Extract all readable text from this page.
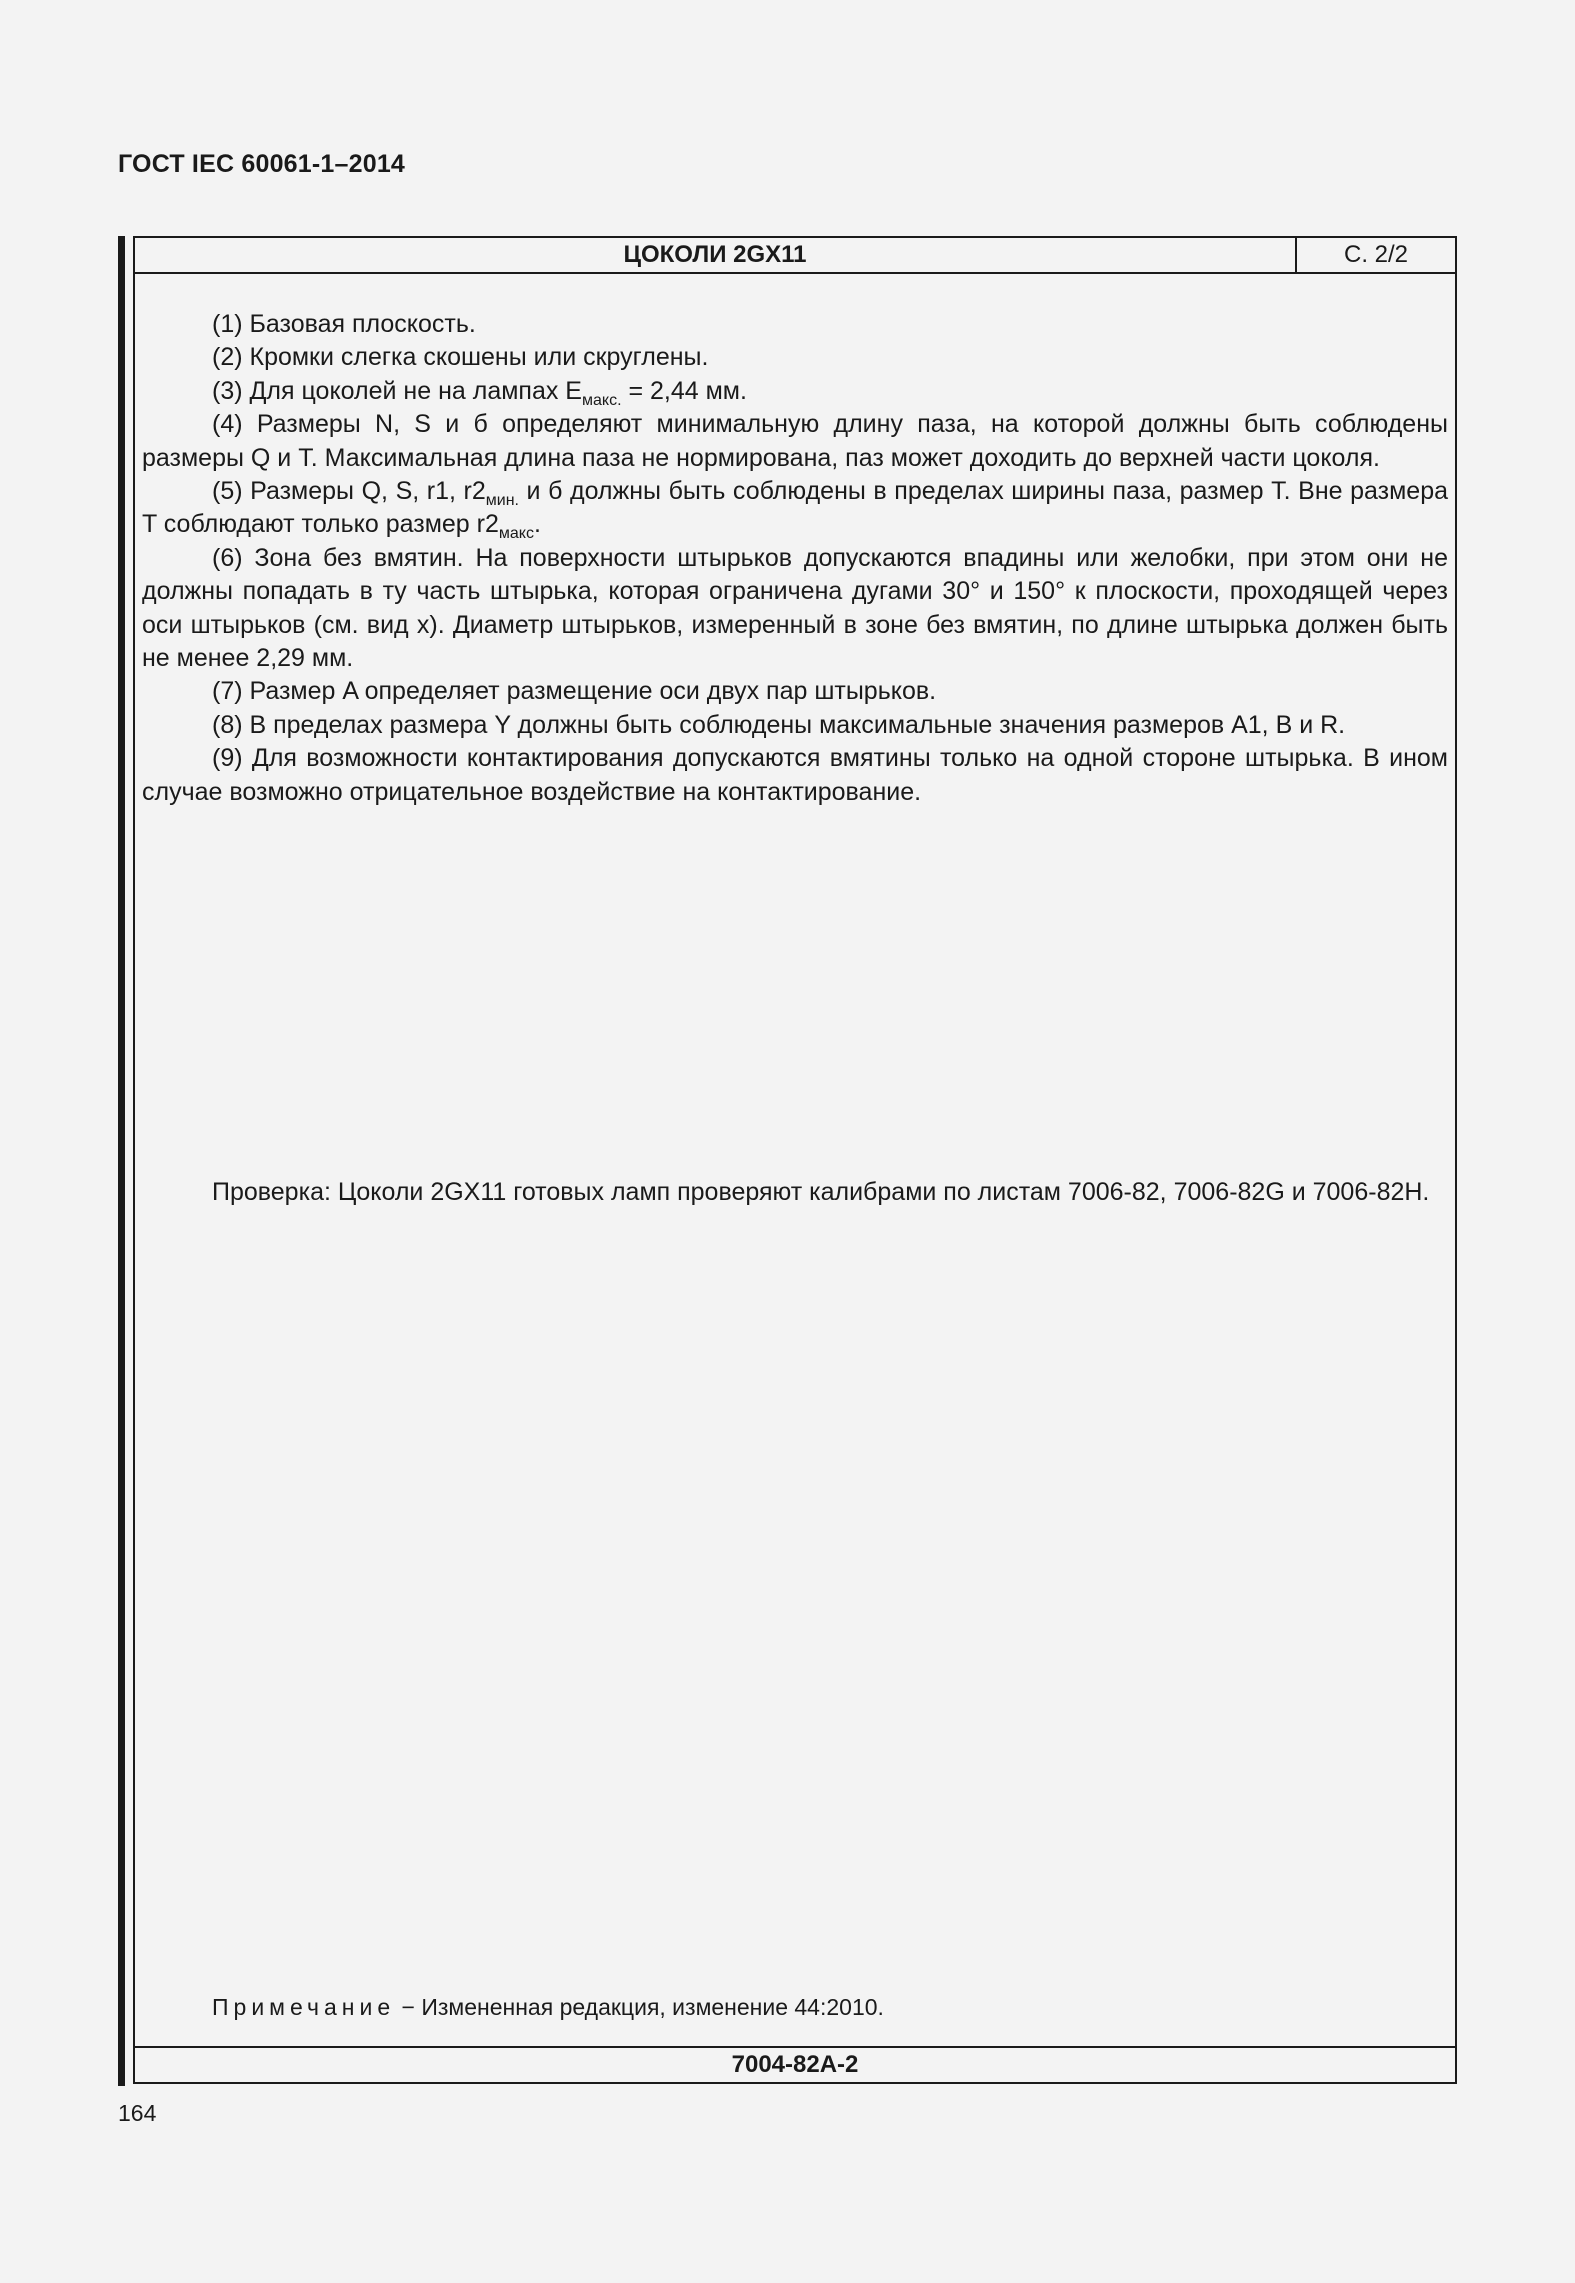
ГОСТ IEC 60061-1–2014
ЦОКОЛИ 2GX11	С. 2/2

(1) Базовая плоскость.

(2) Кромки слегка скошены или скруглены.

(3) Для цоколей не на лампах $E_{макс.} = 2,44$ мм.

(4) Размеры N, S и б определяют минимальную длину паза, на которой должны быть соблюдены размеры Q и T. Максимальная длина паза не нормирована, паз может доходить до верхней части цоколя.

(5) Размеры Q, S, r1, $r2_{мин.}$ и б должны быть соблюдены в пределах ширины паза, размер T. Вне размера T соблюдают только размер $r2_{макс}$.

(6) Зона без вмятин. На поверхности штырьков допускаются впадины или желобки, при этом они не должны попадать в ту часть штырька, которая ограничена дугами 30° и 150° к плоскости, проходящей через оси штырьков (см. вид x). Диаметр штырьков, измеренный в зоне без вмятин, по длине штырька должен быть не менее 2,29 мм.

(7) Размер A определяет размещение оси двух пар штырьков.

(8) В пределах размера Y должны быть соблюдены максимальные значения размеров A1, B и R.

(9) Для возможности контактирования допускаются вмятины только на одной стороне штырька. В ином случае возможно отрицательное воздействие на контактирование.

Проверка: Цоколи 2GX11 готовых ламп проверяют калибрами по листам 7006-82, 7006-82G и 7006-82H.

Примечание − Измененная редакция, изменение 44:2010.
7004-82А-2
164
